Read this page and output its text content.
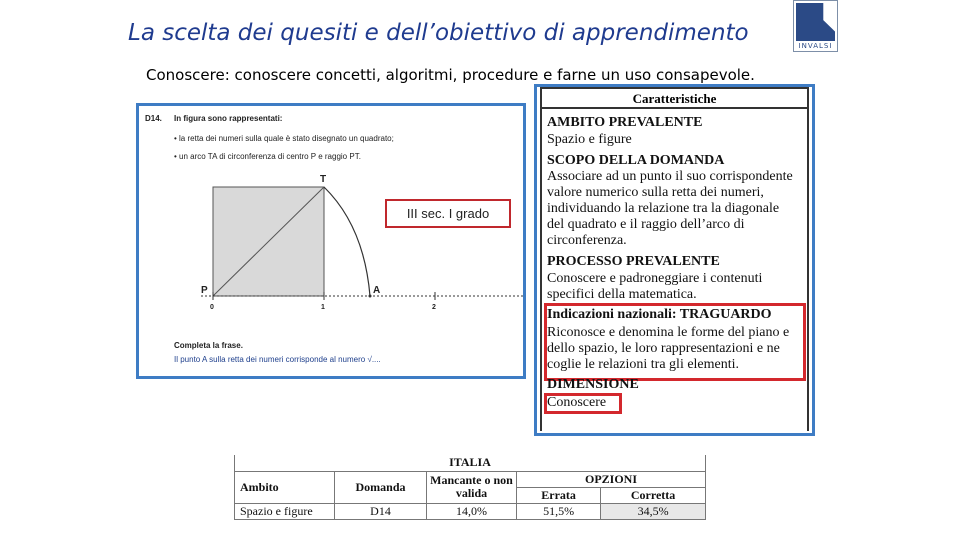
La scelta dei quesiti e dell’obiettivo di apprendimento
Conoscere: conoscere concetti, algoritmi, procedure e farne un uso consapevole.
INVALSI
D14. In figura sono rappresentati:
• la retta dei numeri sulla quale è stato disegnato un quadrato;
• un arco TA di circonferenza di centro P e raggio PT.
T
P	A
0	1	2
Completa la frase.
Il punto A sulla retta dei numeri corrisponde al numero √....
III sec. I grado
Caratteristiche
AMBITO PREVALENTE
Spazio e figure
SCOPO DELLA DOMANDA
Associare ad un punto il suo corrispondente
valore numerico sulla retta dei numeri,
individuando la relazione tra la diagonale
del quadrato e il raggio dell’arco di
circonferenza.
PROCESSO PREVALENTE
Conoscere e padroneggiare i contenuti
specifici della matematica.
Indicazioni nazionali: TRAGUARDO
Riconosce e denomina le forme del piano e
dello spazio, le loro rappresentazioni e ne
coglie le relazioni tra gli elementi.
DIMENSIONE
Conoscere
ITALIA				
Ambito	Domanda	Mancante o non valida	OPZIONI	
			Errata	Corretta
Spazio e figure	D14	14,0%	51,5%	34,5%
